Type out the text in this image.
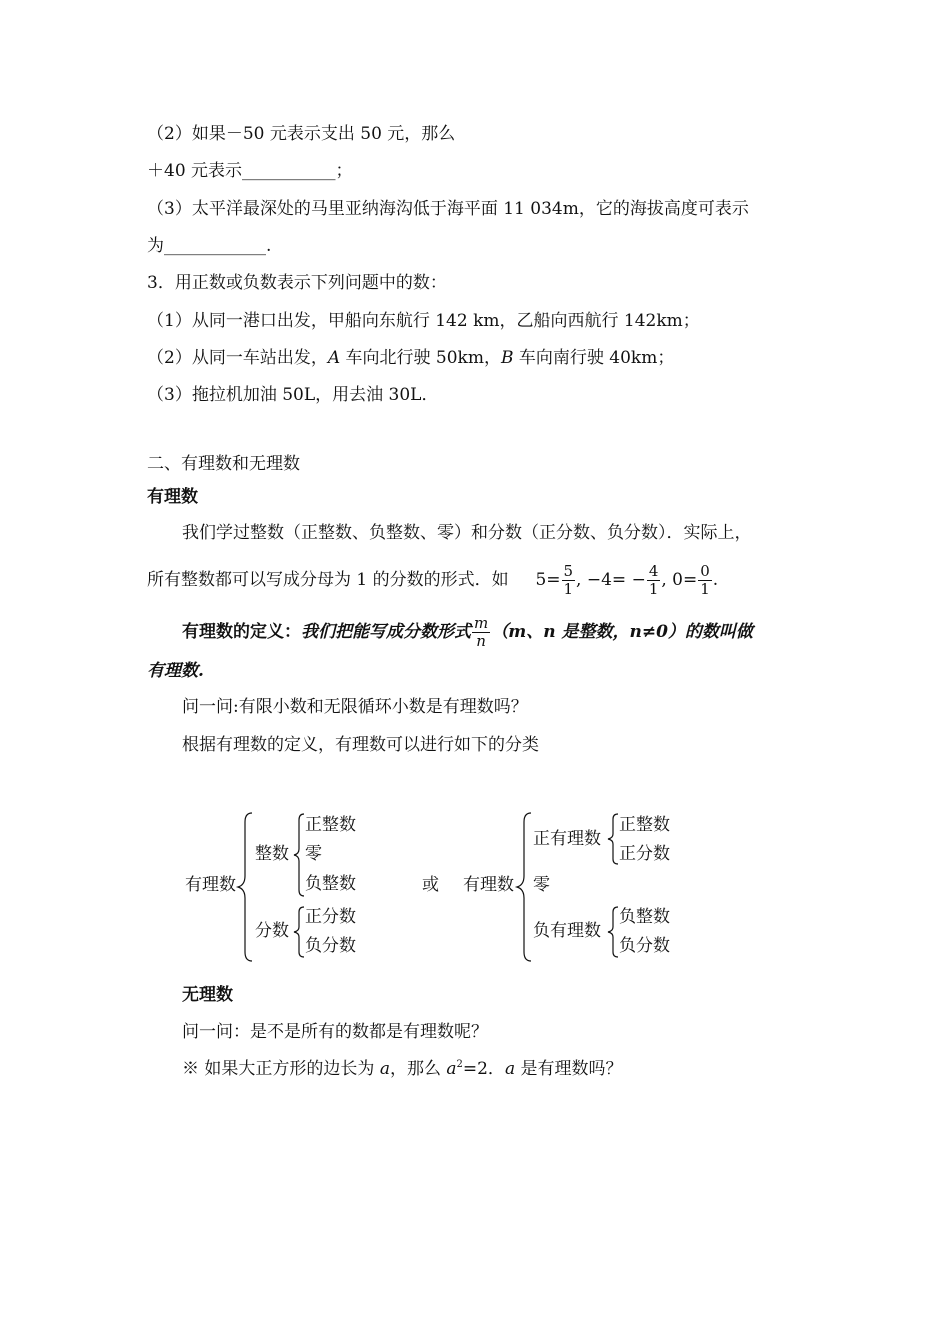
（2）如果－50 元表示支出 50 元，那么
＋40 元表示___________；
（3）太平洋最深处的马里亚纳海沟低于海平面 11 034m，它的海拔高度可表示
为____________.
3．用正数或负数表示下列问题中的数：
（1）从同一港口出发，甲船向东航行 142 km，乙船向西航行 142km；
（2）从同一车站出发，A 车向北行驶 50km，B 车向南行驶 40km；
（3）拖拉机加油 50L，用去油 30L．
二、有理数和无理数
有理数
我们学过整数（正整数、负整数、零）和分数（正分数、负分数）．实际上，
所有整数都可以写成分母为 1 的分数的形式．如 $5= \frac{5}{1}$ , $-4= - \frac{4}{1}$ , $0= \frac{0}{1}$ .
有理数的定义：我们把能写成分数形式 $\frac{m}{n} (m$、n 是整数，n≠0）的数叫做
有理数.
问一问:有限小数和无限循环小数是有理数吗？
根据有理数的定义，有理数可以进行如下的分类
有理数
整数
正整数
零
负整数
分数
正分数
负分数
或 有理数
正有理数
正整数
正分数
零
负有理数
负整数
负分数
无理数
问一问：是不是所有的数都是有理数呢？
※ 如果大正方形的边长为 a，那么 $a^2=2$．a 是有理数吗？
